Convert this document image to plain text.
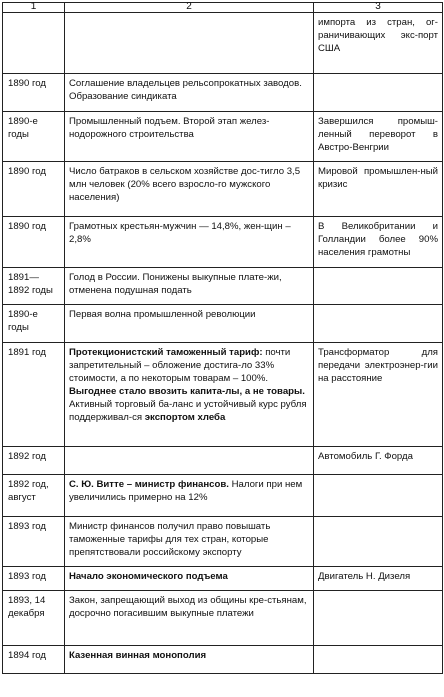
1	2	3
		импорта из стран, ог-раничивающих экс-порт США
1890 год	Соглашение владельцев рельсопрокатных заводов. Образование синдиката	
1890-е годы	Промышленный подъем. Второй этап желез-нодорожного строительства	Завершился промыш-ленный переворот в Австро-Венгрии
1890 год	Число батраков в сельском хозяйстве дос-тигло 3,5 млн человек (20% всего взросло-го мужского населения)	Мировой промышлен-ный кризис
1890 год	Грамотных крестьян-мужчин — 14,8%, жен-щин – 2,8%	В Великобритании и Голландии более 90% населения грамотны
1891— 1892 годы	Голод в России. Понижены выкупные плате-жи, отменена подушная подать	
1890-е годы	Первая волна промышленной революции	
1891 год	Протекционистский таможенный тариф: почти запретительный – обложение достига-ло 33% стоимости, а по некоторым товарам – 100%. Выгоднее стало ввозить капита-лы, а не товары. Активный торговый ба-ланс и устойчивый курс рубля поддерживал-ся экспортом хлеба	Трансформатор для передачи электроэнер-гии на расстояние
1892 год		Автомобиль Г. Форда
1892 год, август	С. Ю. Витте – министр финансов. Налоги при нем увеличились примерно на 12%	
1893 год	Министр финансов получил право повышать таможенные тарифы для тех стран, которые препятствовали российскому экспорту	
1893 год	Начало экономического подъема	Двигатель Н. Дизеля
1893, 14 декабря	Закон, запрещающий выход из общины кре-стьянам, досрочно погасившим выкупные платежи	
1894 год	Казенная винная монополия	
